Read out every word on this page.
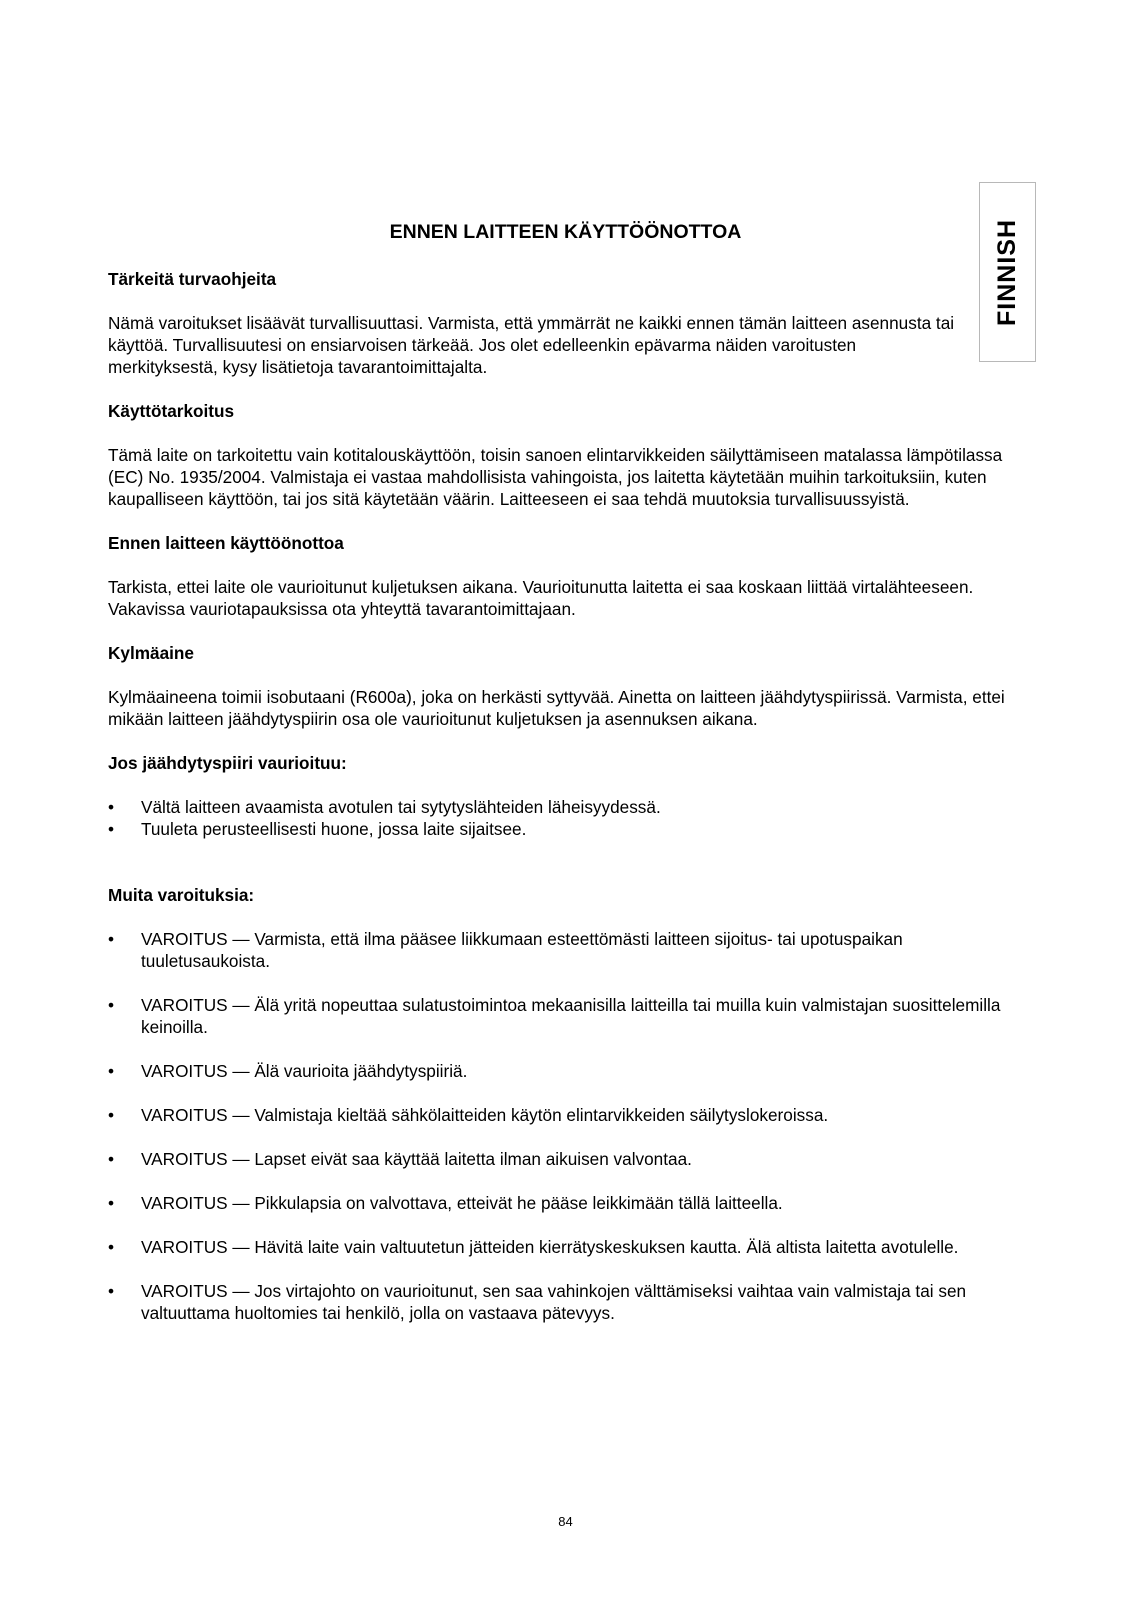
FINNISH
ENNEN LAITTEEN KÄYTTÖÖNOTTOA
Tärkeitä turvaohjeita

Nämä varoitukset lisäävät turvallisuuttasi. Varmista, että ymmärrät ne kaikki ennen tämän laitteen asennusta tai käyttöä. Turvallisuutesi on ensiarvoisen tärkeää. Jos olet edelleenkin epävarma näiden varoitusten merkityksestä, kysy lisätietoja tavarantoimittajalta.

Käyttötarkoitus

Tämä laite on tarkoitettu vain kotitalouskäyttöön, toisin sanoen elintarvikkeiden säilyttämiseen matalassa lämpötilassa (EC) No. 1935/2004. Valmistaja ei vastaa mahdollisista vahingoista, jos laitetta käytetään muihin tarkoituksiin, kuten kaupalliseen käyttöön, tai jos sitä käytetään väärin. Laitteeseen ei saa tehdä muutoksia turvallisuussyistä.

Ennen laitteen käyttöönottoa

Tarkista, ettei laite ole vaurioitunut kuljetuksen aikana. Vaurioitunutta laitetta ei saa koskaan liittää virtalähteeseen. Vakavissa vauriotapauksissa ota yhteyttä tavarantoimittajaan.

Kylmäaine

Kylmäaineena toimii isobutaani (R600a), joka on herkästi syttyvää. Ainetta on laitteen jäähdytyspiirissä. Varmista, ettei mikään laitteen jäähdytyspiirin osa ole vaurioitunut kuljetuksen ja asennuksen aikana.

Jos jäähdytyspiiri vaurioituu:
• Vältä laitteen avaamista avotulen tai sytytyslähteiden läheisyydessä.
• Tuuleta perusteellisesti huone, jossa laite sijaitsee.
Muita varoituksia:
• VAROITUS — Varmista, että ilma pääsee liikkumaan esteettömästi laitteen sijoitus- tai upotuspaikan tuuletusaukoista.
• VAROITUS — Älä yritä nopeuttaa sulatustoimintoa mekaanisilla laitteilla tai muilla kuin valmistajan suosittelemilla keinoilla.
• VAROITUS — Älä vaurioita jäähdytyspiiriä.
• VAROITUS — Valmistaja kieltää sähkölaitteiden käytön elintarvikkeiden säilytyslokeroissa.
• VAROITUS — Lapset eivät saa käyttää laitetta ilman aikuisen valvontaa.
• VAROITUS — Pikkulapsia on valvottava, etteivät he pääse leikkimään tällä laitteella.
• VAROITUS — Hävitä laite vain valtuutetun jätteiden kierrätyskeskuksen kautta. Älä altista laitetta avotulelle.
• VAROITUS — Jos virtajohto on vaurioitunut, sen saa vahinkojen välttämiseksi vaihtaa vain valmistaja tai sen valtuuttama huoltomies tai henkilö, jolla on vastaava pätevyys.
84
